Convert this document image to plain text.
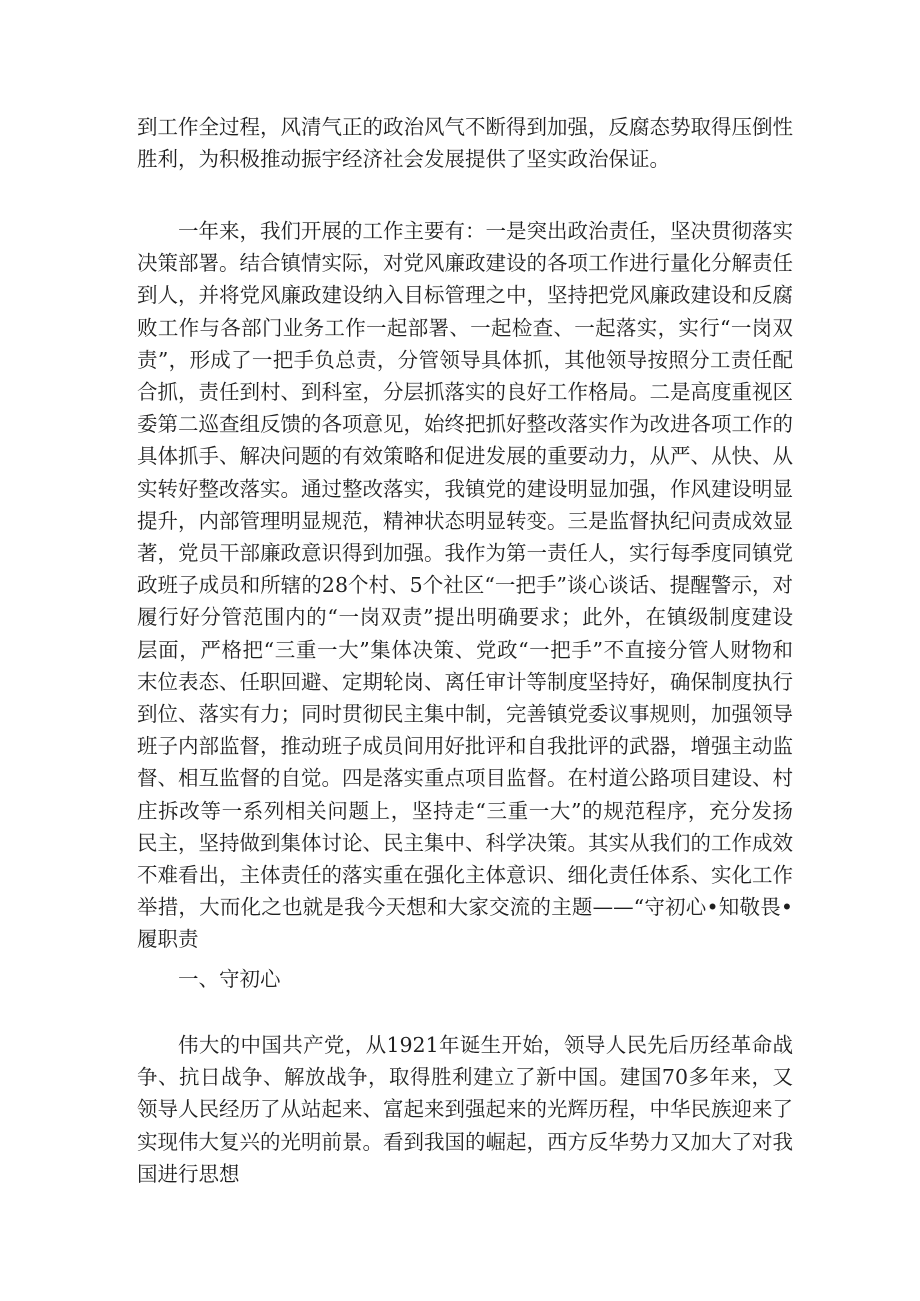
到工作全过程，风清气正的政治风气不断得到加强，反腐态势取得压倒性胜利，为积极推动振宇经济社会发展提供了坚实政治保证。

一年来，我们开展的工作主要有：一是突出政治责任，坚决贯彻落实决策部署。结合镇情实际，对党风廉政建设的各项工作进行量化分解责任到人，并将党风廉政建设纳入目标管理之中，坚持把党风廉政建设和反腐败工作与各部门业务工作一起部署、一起检查、一起落实，实行“一岗双责”，形成了一把手负总责，分管领导具体抓，其他领导按照分工责任配合抓，责任到村、到科室，分层抓落实的良好工作格局。二是高度重视区委第二巡查组反馈的各项意见，始终把抓好整改落实作为改进各项工作的具体抓手、解决问题的有效策略和促进发展的重要动力，从严、从快、从实转好整改落实。通过整改落实，我镇党的建设明显加强，作风建设明显提升，内部管理明显规范，精神状态明显转变。三是监督执纪问责成效显著，党员干部廉政意识得到加强。我作为第一责任人，实行每季度同镇党政班子成员和所辖的28个村、5个社区“一把手”谈心谈话、提醒警示，对履行好分管范围内的“一岗双责”提出明确要求；此外，在镇级制度建设层面，严格把“三重一大”集体决策、党政“一把手”不直接分管人财物和末位表态、任职回避、定期轮岗、离任审计等制度坚持好，确保制度执行到位、落实有力；同时贯彻民主集中制，完善镇党委议事规则，加强领导班子内部监督，推动班子成员间用好批评和自我批评的武器，增强主动监督、相互监督的自觉。四是落实重点项目监督。在村道公路项目建设、村庄拆改等一系列相关问题上，坚持走“三重一大”的规范程序，充分发扬民主，坚持做到集体讨论、民主集中、科学决策。其实从我们的工作成效不难看出，主体责任的落实重在强化主体意识、细化责任体系、实化工作举措，大而化之也就是我今天想和大家交流的主题——“守初心•知敬畏•履职责

一、守初心

伟大的中国共产党，从1921年诞生开始，领导人民先后历经革命战争、抗日战争、解放战争，取得胜利建立了新中国。建国70多年来，又领导人民经历了从站起来、富起来到强起来的光辉历程，中华民族迎来了实现伟大复兴的光明前景。看到我国的崛起，西方反华势力又加大了对我国进行思想
